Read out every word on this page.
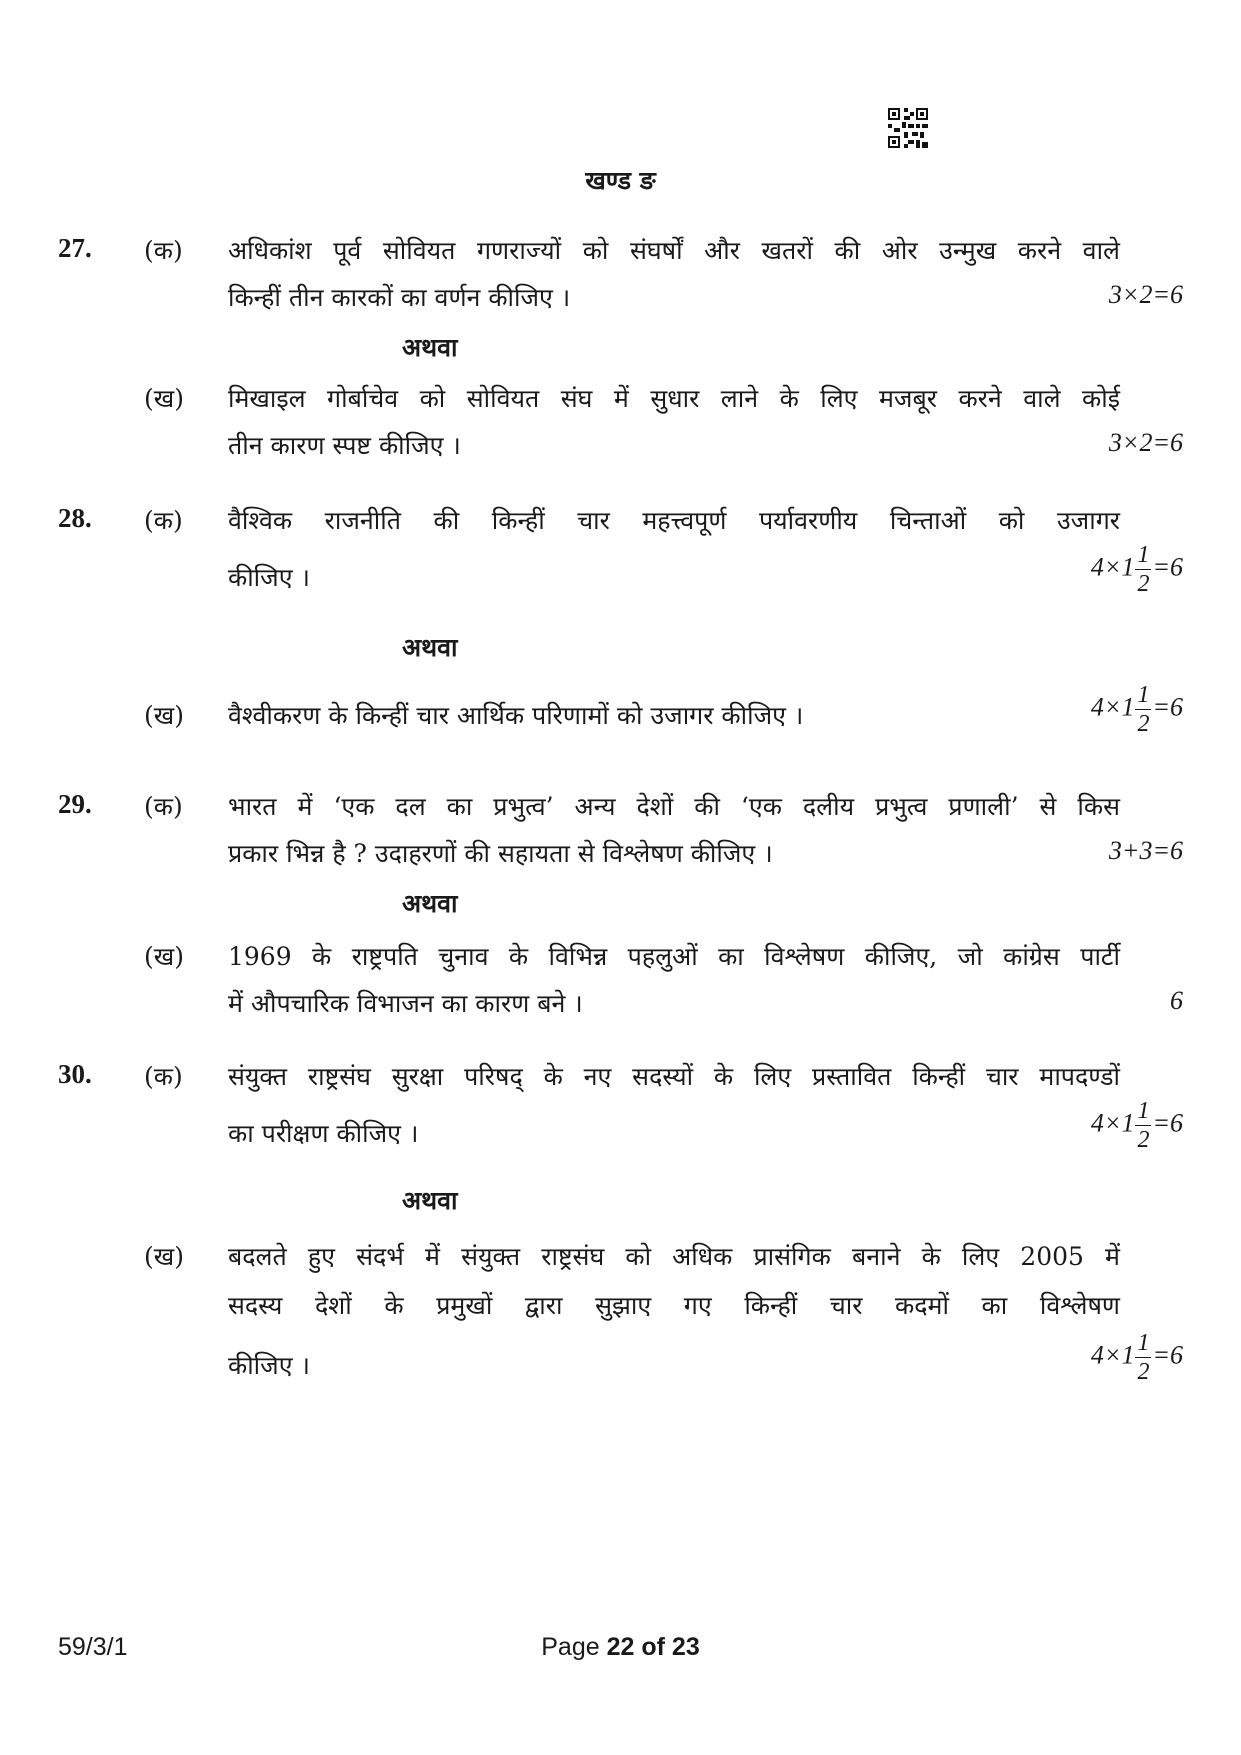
खण्ड ङ
27. (क) अधिकांश पूर्व सोवियत गणराज्यों को संघर्षों और खतरों की ओर उन्मुख करने वाले
किन्हीं तीन कारकों का वर्णन कीजिए ।	3×2=6
अथवा
(ख) मिखाइल गोर्बाचेव को सोवियत संघ में सुधार लाने के लिए मजबूर करने वाले कोई
तीन कारण स्पष्ट कीजिए ।	3×2=6
28. (क) वैश्विक राजनीति की किन्हीं चार महत्त्वपूर्ण पर्यावरणीय चिन्ताओं को उजागर
कीजिए ।	$4\times 1 \frac{1}{2} =6$
अथवा
(ख) वैश्वीकरण के किन्हीं चार आर्थिक परिणामों को उजागर कीजिए ।	$4\times 1 \frac{1}{2} =6$
29. (क) भारत में ‘एक दल का प्रभुत्व’ अन्य देशों की ‘एक दलीय प्रभुत्व प्रणाली’ से किस
प्रकार भिन्न है ? उदाहरणों की सहायता से विश्लेषण कीजिए ।	3+3=6
अथवा
(ख) 1969 के राष्ट्रपति चुनाव के विभिन्न पहलुओं का विश्लेषण कीजिए, जो कांग्रेस पार्टी
में औपचारिक विभाजन का कारण बने ।	6
30. (क) संयुक्त राष्ट्रसंघ सुरक्षा परिषद् के नए सदस्यों के लिए प्रस्तावित किन्हीं चार मापदण्डों
का परीक्षण कीजिए ।	$4\times 1 \frac{1}{2} =6$
अथवा
(ख) बदलते हुए संदर्भ में संयुक्त राष्ट्रसंघ को अधिक प्रासंगिक बनाने के लिए 2005 में
सदस्य देशों के प्रमुखों द्वारा सुझाए गए किन्हीं चार कदमों का विश्लेषण
कीजिए ।	$4\times 1 \frac{1}{2} =6$
59/3/1	Page 22 of 23
